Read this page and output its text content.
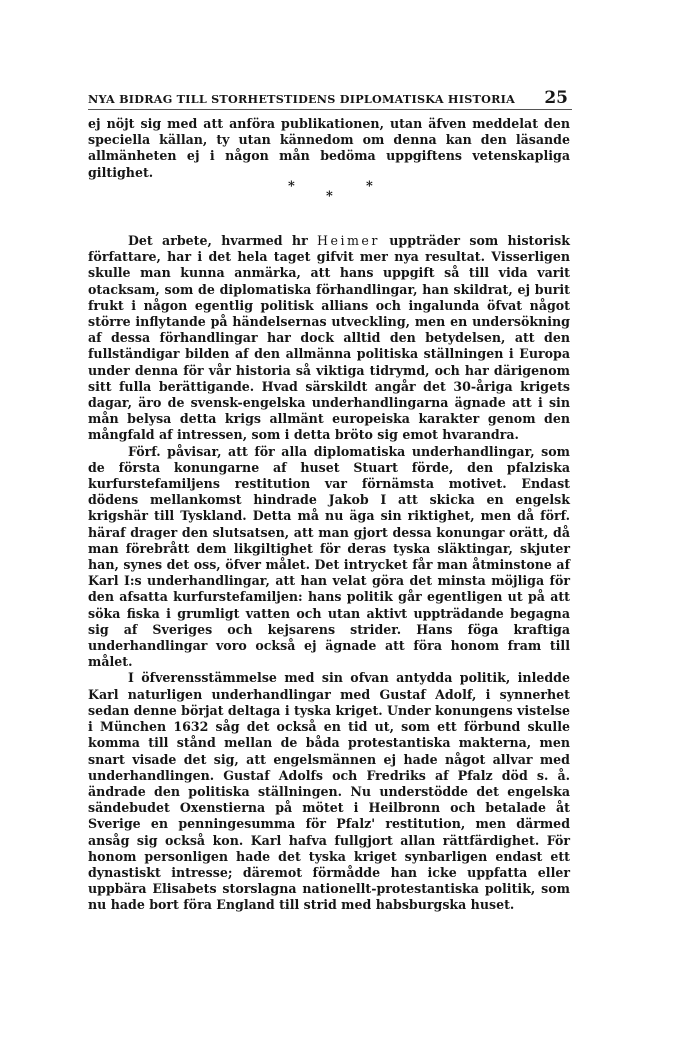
NYA BIDRAG TILL STORHETSTIDENS DIPLOMATISKA HISTORIA 25

ej nöjt sig med att anföra publikationen, utan äfven meddelat den speciella källan, ty utan kännedom om denna kan den läsande allmänheten ej i någon mån bedöma uppgiftens vetenskapliga giltighet.

*
*
*

Det arbete, hvarmed hr Heimer uppträder som historisk författare, har i det hela taget gifvit mer nya resultat. Visserligen skulle man kunna anmärka, att hans uppgift så till vida varit otacksam, som de diplomatiska förhandlingar, han skildrat, ej burit frukt i någon egentlig politisk allians och ingalunda öfvat något större inflytande på händelsernas utveckling, men en undersökning af dessa förhandlingar har dock alltid den betydelsen, att den fullständigar bilden af den allmänna politiska ställningen i Europa under denna för vår historia så viktiga tidrymd, och har därigenom sitt fulla berättigande. Hvad särskildt angår det 30-åriga krigets dagar, äro de svensk-engelska underhandlingarna ägnade att i sin mån belysa detta krigs allmänt europeiska karakter genom den mångfald af intressen, som i detta bröto sig emot hvarandra.

Förf. påvisar, att för alla diplomatiska underhandlingar, som de första konungarne af huset Stuart förde, den pfalziska kurfurstefamiljens restitution var förnämsta motivet. Endast dödens mellankomst hindrade Jakob I att skicka en engelsk krigshär till Tyskland. Detta må nu äga sin riktighet, men då förf. häraf drager den slutsatsen, att man gjort dessa konungar orätt, då man förebrått dem likgiltighet för deras tyska släktingar, skjuter han, synes det oss, öfver målet. Det intrycket får man åtminstone af Karl I:s underhandlingar, att han velat göra det minsta möjliga för den afsatta kurfurstefamiljen: hans politik går egentligen ut på att söka fiska i grumligt vatten och utan aktivt uppträdande begagna sig af Sveriges och kejsarens strider. Hans föga kraftiga underhandlingar voro också ej ägnade att föra honom fram till målet.

I öfverensstämmelse med sin ofvan antydda politik, inledde Karl naturligen underhandlingar med Gustaf Adolf, i synnerhet sedan denne börjat deltaga i tyska kriget. Under konungens vistelse i München 1632 såg det också en tid ut, som ett förbund skulle komma till stånd mellan de båda protestantiska makterna, men snart visade det sig, att engelsmännen ej hade något allvar med underhandlingen. Gustaf Adolfs och Fredriks af Pfalz död s. å. ändrade den politiska ställningen. Nu understödde det engelska sändebudet Oxenstierna på mötet i Heilbronn och betalade åt Sverige en penningesumma för Pfalz' restitution, men därmed ansåg sig också kon. Karl hafva fullgjort allan rättfärdighet. För honom personligen hade det tyska kriget synbarligen endast ett dynastiskt intresse; däremot förmådde han icke uppfatta eller uppbära Elisabets storslagna nationellt-protestantiska politik, som nu hade bort föra England till strid med habsburgska huset.
